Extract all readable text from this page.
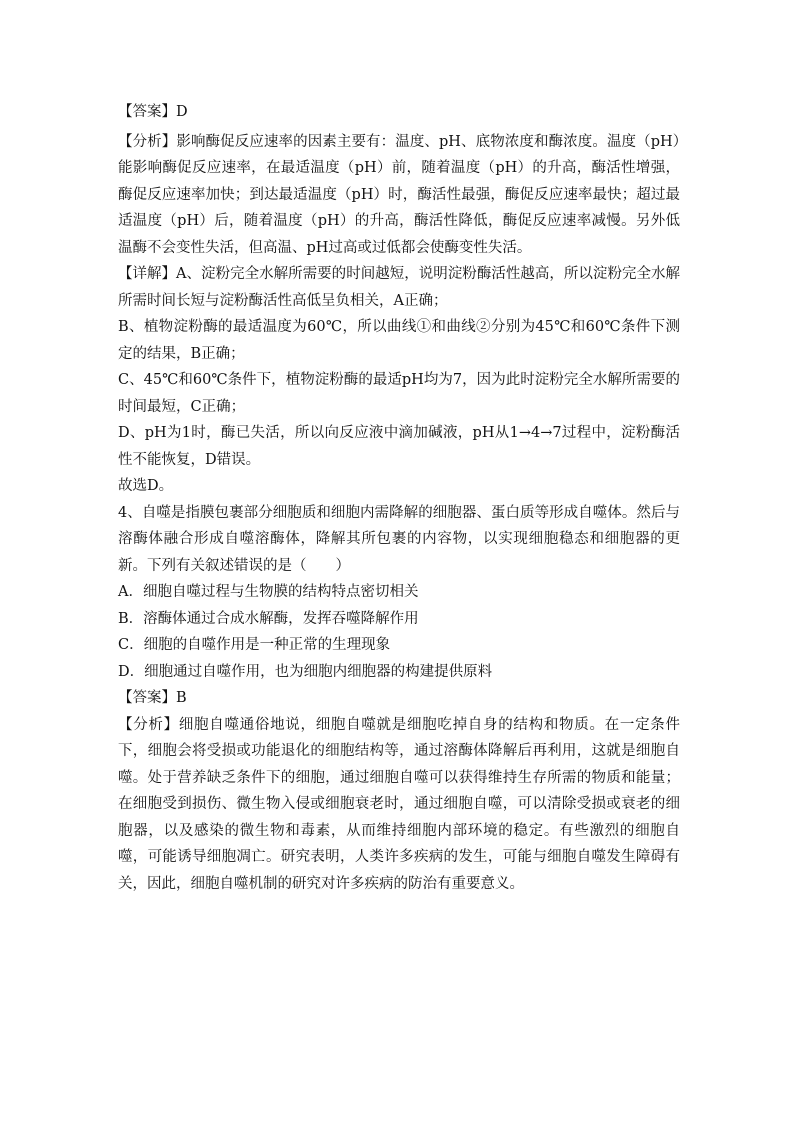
【答案】D

【分析】影响酶促反应速率的因素主要有：温度、pH、底物浓度和酶浓度。温度（pH）能影响酶促反应速率，在最适温度（pH）前，随着温度（pH）的升高，酶活性增强，酶促反应速率加快；到达最适温度（pH）时，酶活性最强，酶促反应速率最快；超过最适温度（pH）后，随着温度（pH）的升高，酶活性降低，酶促反应速率减慢。另外低温酶不会变性失活，但高温、pH过高或过低都会使酶变性失活。

【详解】A、淀粉完全水解所需要的时间越短，说明淀粉酶活性越高，所以淀粉完全水解所需时间长短与淀粉酶活性高低呈负相关，A正确；

B、植物淀粉酶的最适温度为60℃，所以曲线①和曲线②分别为45℃和60℃条件下测定的结果，B正确；

C、45℃和60℃条件下，植物淀粉酶的最适pH均为7，因为此时淀粉完全水解所需要的时间最短，C正确；

D、pH为1时，酶已失活，所以向反应液中滴加碱液，pH从1→4→7过程中，淀粉酶活性不能恢复，D错误。

故选D。

4、自噬是指膜包裹部分细胞质和细胞内需降解的细胞器、蛋白质等形成自噬体。然后与溶酶体融合形成自噬溶酶体，降解其所包裹的内容物，以实现细胞稳态和细胞器的更新。下列有关叙述错误的是（　　）

A．细胞自噬过程与生物膜的结构特点密切相关

B．溶酶体通过合成水解酶，发挥吞噬降解作用

C．细胞的自噬作用是一种正常的生理现象

D．细胞通过自噬作用，也为细胞内细胞器的构建提供原料

【答案】B

【分析】细胞自噬通俗地说，细胞自噬就是细胞吃掉自身的结构和物质。在一定条件下，细胞会将受损或功能退化的细胞结构等，通过溶酶体降解后再利用，这就是细胞自噬。处于营养缺乏条件下的细胞，通过细胞自噬可以获得维持生存所需的物质和能量；在细胞受到损伤、微生物入侵或细胞衰老时，通过细胞自噬，可以清除受损或衰老的细胞器，以及感染的微生物和毒素，从而维持细胞内部环境的稳定。有些激烈的细胞自噬，可能诱导细胞凋亡。研究表明，人类许多疾病的发生，可能与细胞自噬发生障碍有关，因此，细胞自噬机制的研究对许多疾病的防治有重要意义。
